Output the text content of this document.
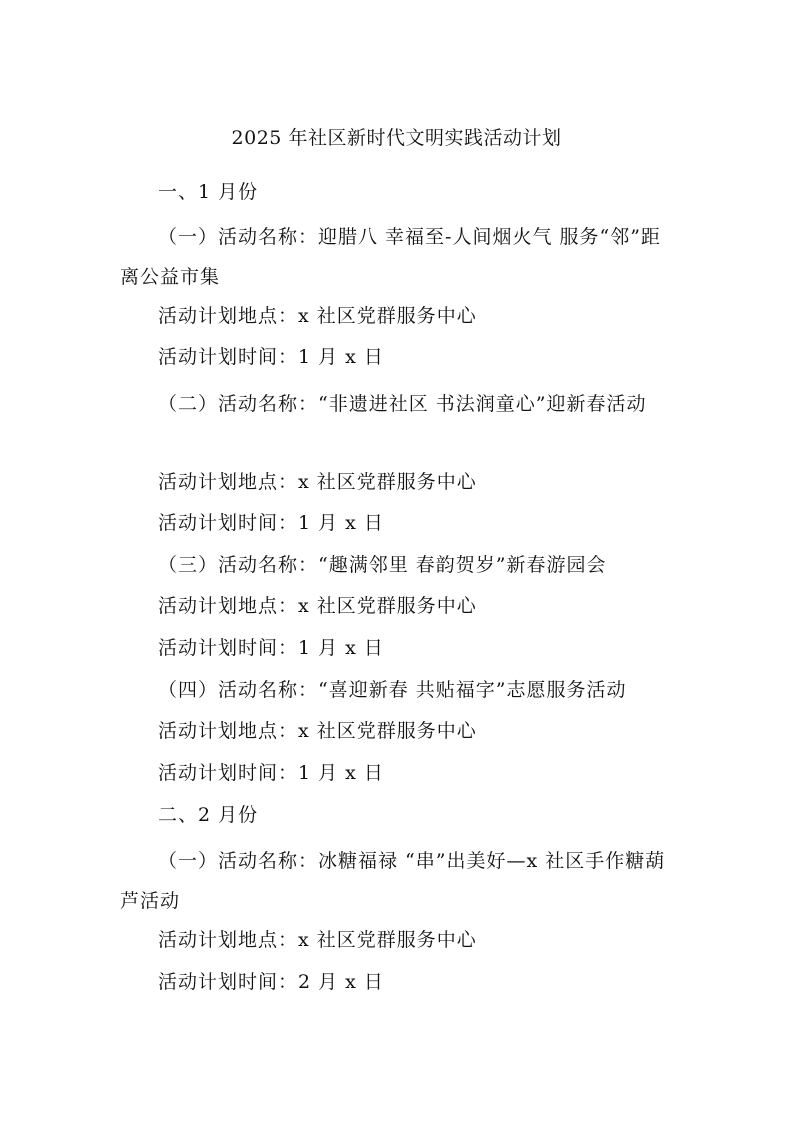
2025 年社区新时代文明实践活动计划
一、1 月份
（一）活动名称：迎腊八 幸福至-人间烟火气 服务“邻”距离公益市集
活动计划地点：x 社区党群服务中心
活动计划时间：1 月 x 日
（二）活动名称：“非遗进社区 书法润童心”迎新春活动
活动计划地点：x 社区党群服务中心
活动计划时间：1 月 x 日
（三）活动名称：“趣满邻里 春韵贺岁”新春游园会
活动计划地点：x 社区党群服务中心
活动计划时间：1 月 x 日
（四）活动名称：“喜迎新春 共贴福字”志愿服务活动
活动计划地点：x 社区党群服务中心
活动计划时间：1 月 x 日
二、2 月份
（一）活动名称：冰糖福禄 “串”出美好—x 社区手作糖葫芦活动
活动计划地点：x 社区党群服务中心
活动计划时间：2 月 x 日
